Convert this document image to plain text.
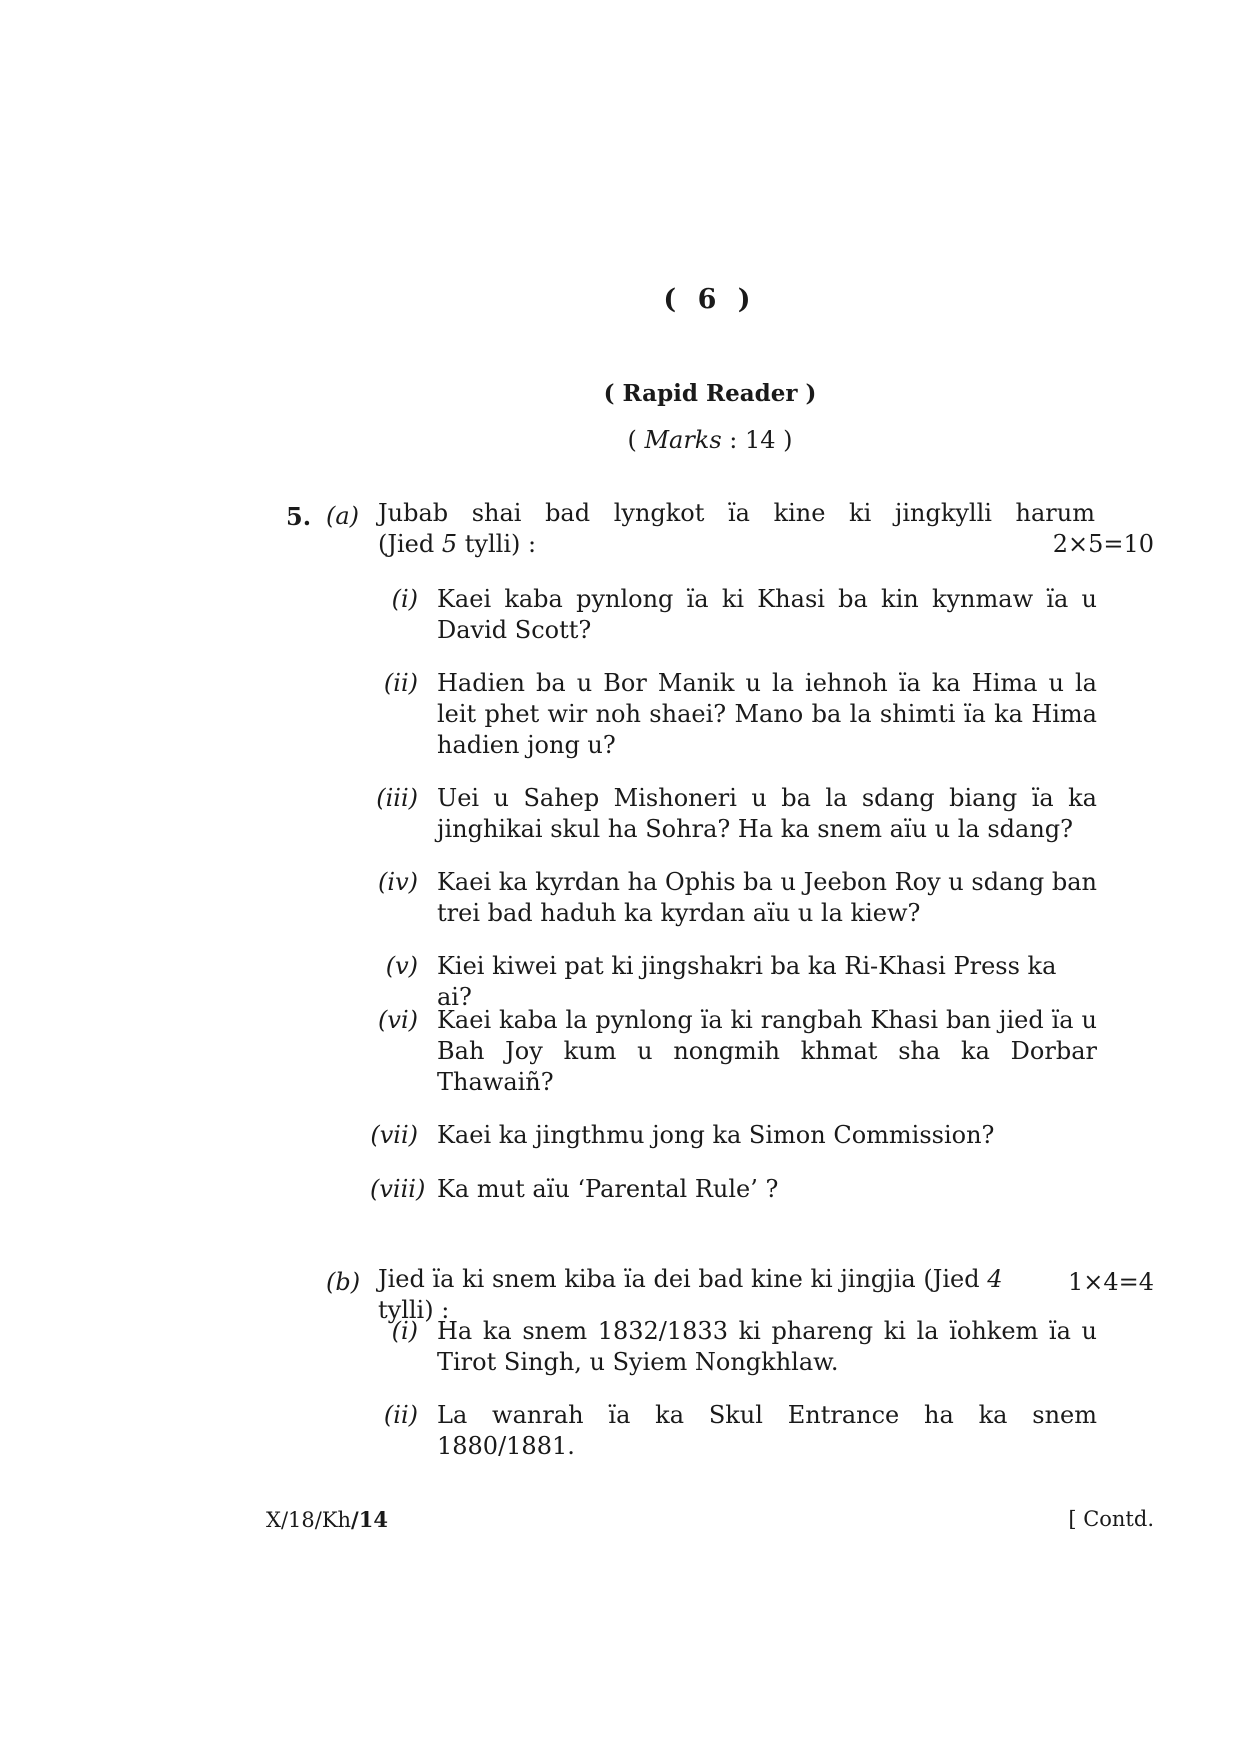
( 6 )
( Rapid Reader )
( Marks : 14 )
5. (a) Jubab shai bad lyngkot ïa kine ki jingkylli harum
(Jied 5 tylli) :	2×5=10
(i) Kaei kaba pynlong ïa ki Khasi ba kin kynmaw ïa u David Scott?
(ii) Hadien ba u Bor Manik u la iehnoh ïa ka Hima u la leit phet wir noh shaei? Mano ba la shimti ïa ka Hima hadien jong u?
(iii) Uei u Sahep Mishoneri u ba la sdang biang ïa ka jinghikai skul ha Sohra? Ha ka snem aïu u la sdang?
(iv) Kaei ka kyrdan ha Ophis ba u Jeebon Roy u sdang ban trei bad haduh ka kyrdan aïu u la kiew?
(v) Kiei kiwei pat ki jingshakri ba ka Ri-Khasi Press ka ai?
(vi) Kaei kaba la pynlong ïa ki rangbah Khasi ban jied ïa u Bah Joy kum u nongmih khmat sha ka Dorbar Thawaiñ?
(vii) Kaei ka jingthmu jong ka Simon Commission?
(viii) Ka mut aïu ‘Parental Rule’ ?
(b) Jied ïa ki snem kiba ïa dei bad kine ki jingjia (Jied 4 tylli) :
1×4=4
(i) Ha ka snem 1832/1833 ki phareng ki la ïohkem ïa u Tirot Singh, u Syiem Nongkhlaw.
(ii) La wanrah ïa ka Skul Entrance ha ka snem 1880/1881.
X/18/Kh/14	[ Contd.
